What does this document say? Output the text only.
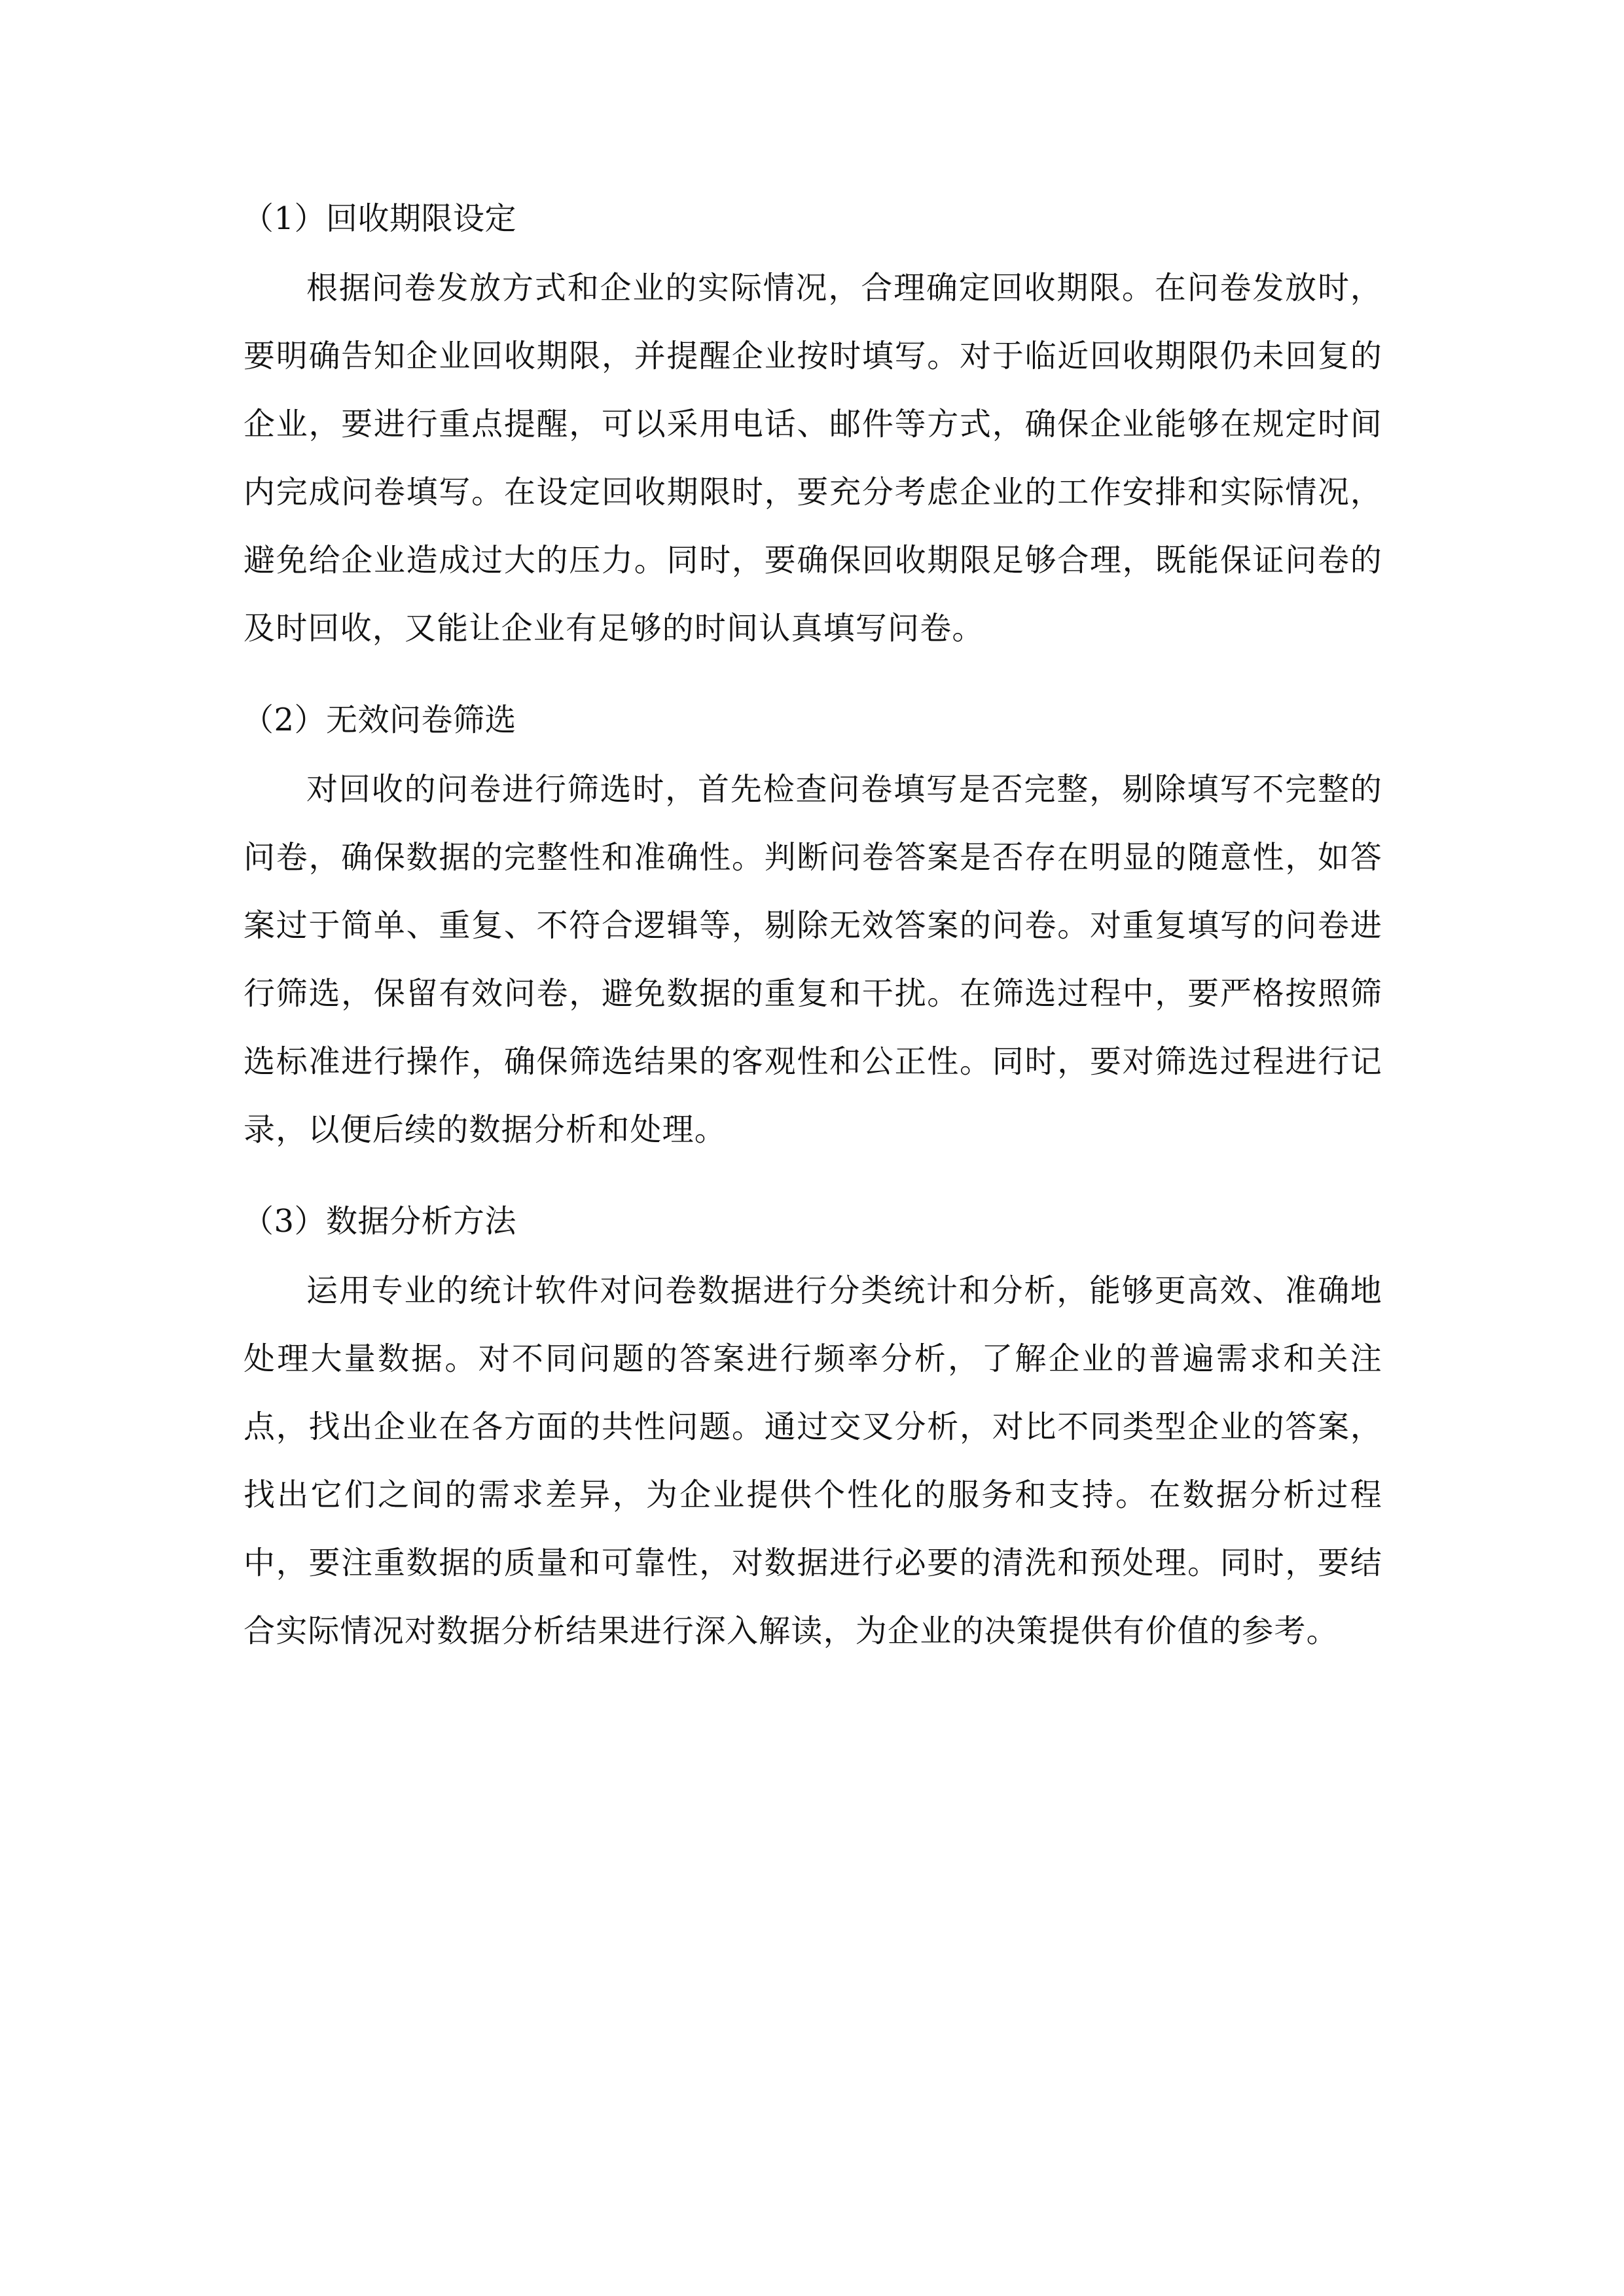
（1）回收期限设定

根据问卷发放方式和企业的实际情况，合理确定回收期限。在问卷发放时，要明确告知企业回收期限，并提醒企业按时填写。对于临近回收期限仍未回复的企业，要进行重点提醒，可以采用电话、邮件等方式，确保企业能够在规定时间内完成问卷填写。在设定回收期限时，要充分考虑企业的工作安排和实际情况，避免给企业造成过大的压力。同时，要确保回收期限足够合理，既能保证问卷的及时回收，又能让企业有足够的时间认真填写问卷。

（2）无效问卷筛选

对回收的问卷进行筛选时，首先检查问卷填写是否完整，剔除填写不完整的问卷，确保数据的完整性和准确性。判断问卷答案是否存在明显的随意性，如答案过于简单、重复、不符合逻辑等，剔除无效答案的问卷。对重复填写的问卷进行筛选，保留有效问卷，避免数据的重复和干扰。在筛选过程中，要严格按照筛选标准进行操作，确保筛选结果的客观性和公正性。同时，要对筛选过程进行记录，以便后续的数据分析和处理。

（3）数据分析方法

运用专业的统计软件对问卷数据进行分类统计和分析，能够更高效、准确地处理大量数据。对不同问题的答案进行频率分析，了解企业的普遍需求和关注点，找出企业在各方面的共性问题。通过交叉分析，对比不同类型企业的答案，找出它们之间的需求差异，为企业提供个性化的服务和支持。在数据分析过程中，要注重数据的质量和可靠性，对数据进行必要的清洗和预处理。同时，要结合实际情况对数据分析结果进行深入解读，为企业的决策提供有价值的参考。
